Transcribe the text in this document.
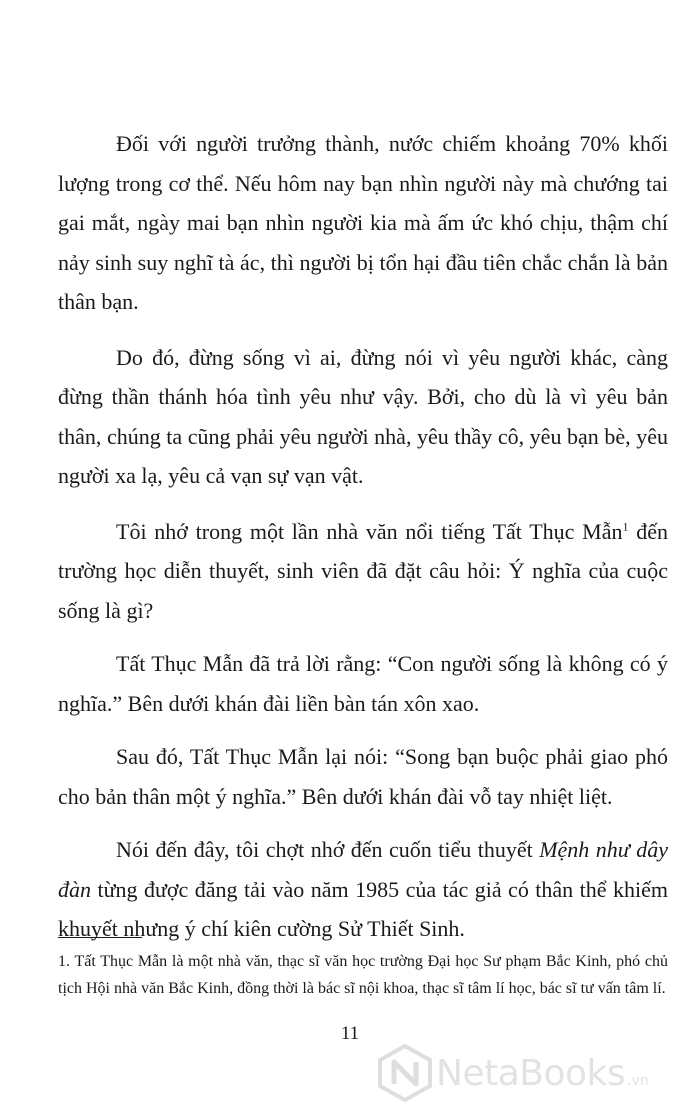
Đối với người trưởng thành, nước chiếm khoảng 70% khối lượng trong cơ thể. Nếu hôm nay bạn nhìn người này mà chướng tai gai mắt, ngày mai bạn nhìn người kia mà ấm ức khó chịu, thậm chí nảy sinh suy nghĩ tà ác, thì người bị tổn hại đầu tiên chắc chắn là bản thân bạn.

Do đó, đừng sống vì ai, đừng nói vì yêu người khác, càng đừng thần thánh hóa tình yêu như vậy. Bởi, cho dù là vì yêu bản thân, chúng ta cũng phải yêu người nhà, yêu thầy cô, yêu bạn bè, yêu người xa lạ, yêu cả vạn sự vạn vật.

Tôi nhớ trong một lần nhà văn nổi tiếng Tất Thục Mẫn$^1$ đến trường học diễn thuyết, sinh viên đã đặt câu hỏi: Ý nghĩa của cuộc sống là gì?

Tất Thục Mẫn đã trả lời rằng: “Con người sống là không có ý nghĩa.” Bên dưới khán đài liền bàn tán xôn xao.

Sau đó, Tất Thục Mẫn lại nói: “Song bạn buộc phải giao phó cho bản thân một ý nghĩa.” Bên dưới khán đài vỗ tay nhiệt liệt.

Nói đến đây, tôi chợt nhớ đến cuốn tiểu thuyết Mệnh như dây đàn từng được đăng tải vào năm 1985 của tác giả có thân thể khiếm khuyết nhưng ý chí kiên cường Sử Thiết Sinh.

1. Tất Thục Mẫn là một nhà văn, thạc sĩ văn học trường Đại học Sư phạm Bắc Kinh, phó chủ tịch Hội nhà văn Bắc Kinh, đồng thời là bác sĩ nội khoa, thạc sĩ tâm lí học, bác sĩ tư vấn tâm lí.

11
NetaBooks .vn
